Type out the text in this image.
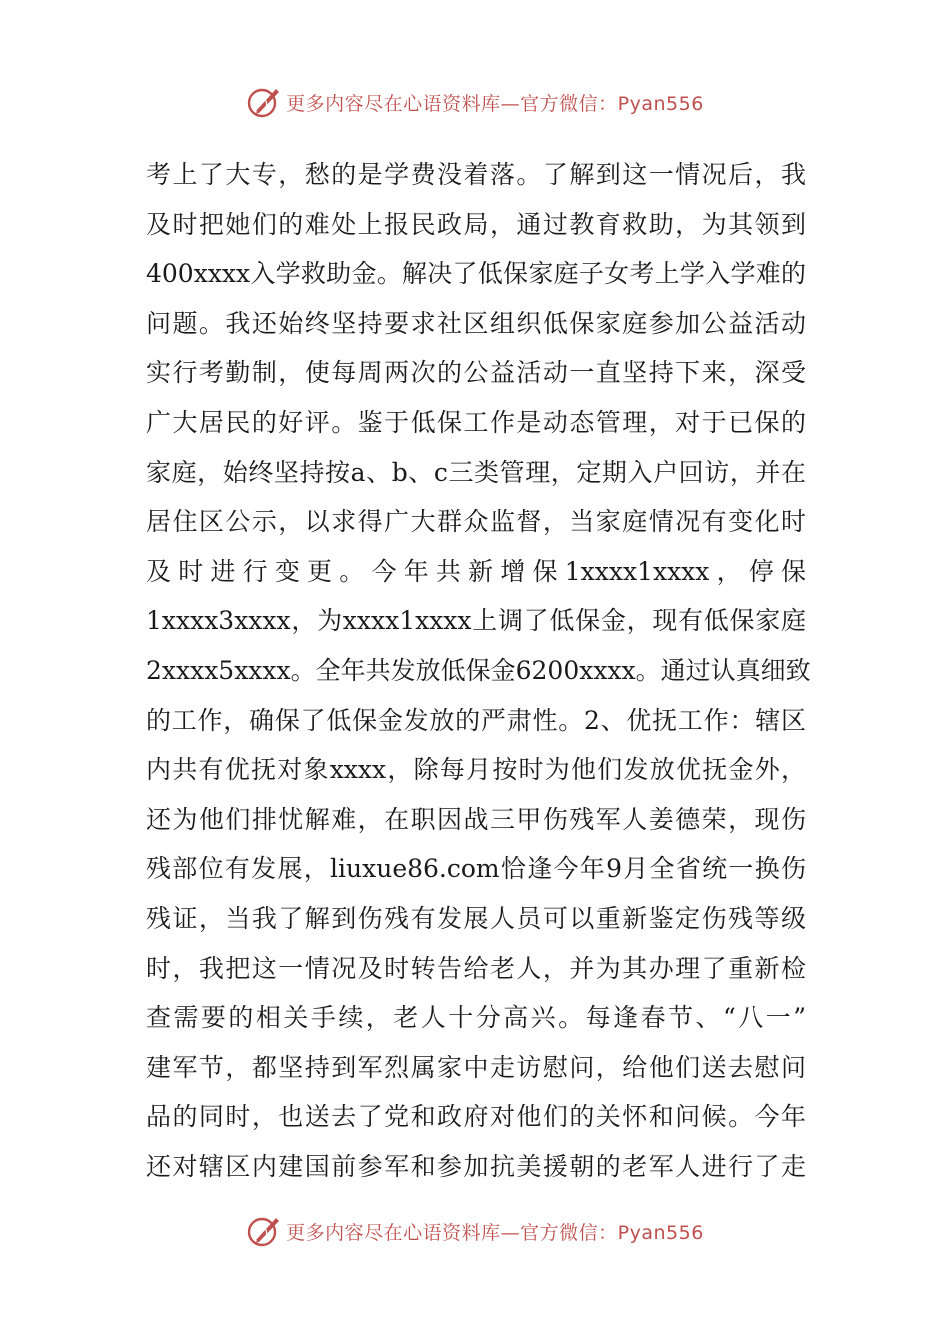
更多内容尽在心语资料库—官方微信：Pyan556
考上了大专，愁的是学费没着落。了解到这一情况后，我
及时把她们的难处上报民政局，通过教育救助，为其领到
400xxxx入学救助金。解决了低保家庭子女考上学入学难的
问题。我还始终坚持要求社区组织低保家庭参加公益活动
实行考勤制，使每周两次的公益活动一直坚持下来，深受
广大居民的好评。鉴于低保工作是动态管理，对于已保的
家庭，始终坚持按a、b、c三类管理，定期入户回访，并在
居住区公示，以求得广大群众监督，当家庭情况有变化时
及时进行变更。今年共新增保1xxxx1xxxx，停保
1xxxx3xxxx，为xxxx1xxxx上调了低保金，现有低保家庭
2xxxx5xxxx。全年共发放低保金6200xxxx。通过认真细致
的工作，确保了低保金发放的严肃性。2、优抚工作：辖区
内共有优抚对象xxxx，除每月按时为他们发放优抚金外，
还为他们排忧解难，在职因战三甲伤残军人姜德荣，现伤
残部位有发展，liuxue86.com恰逢今年9月全省统一换伤
残证，当我了解到伤残有发展人员可以重新鉴定伤残等级
时，我把这一情况及时转告给老人，并为其办理了重新检
查需要的相关手续，老人十分高兴。每逢春节、“八一”
建军节，都坚持到军烈属家中走访慰问，给他们送去慰问
品的同时，也送去了党和政府对他们的关怀和问候。今年
还对辖区内建国前参军和参加抗美援朝的老军人进行了走
更多内容尽在心语资料库—官方微信：Pyan556
